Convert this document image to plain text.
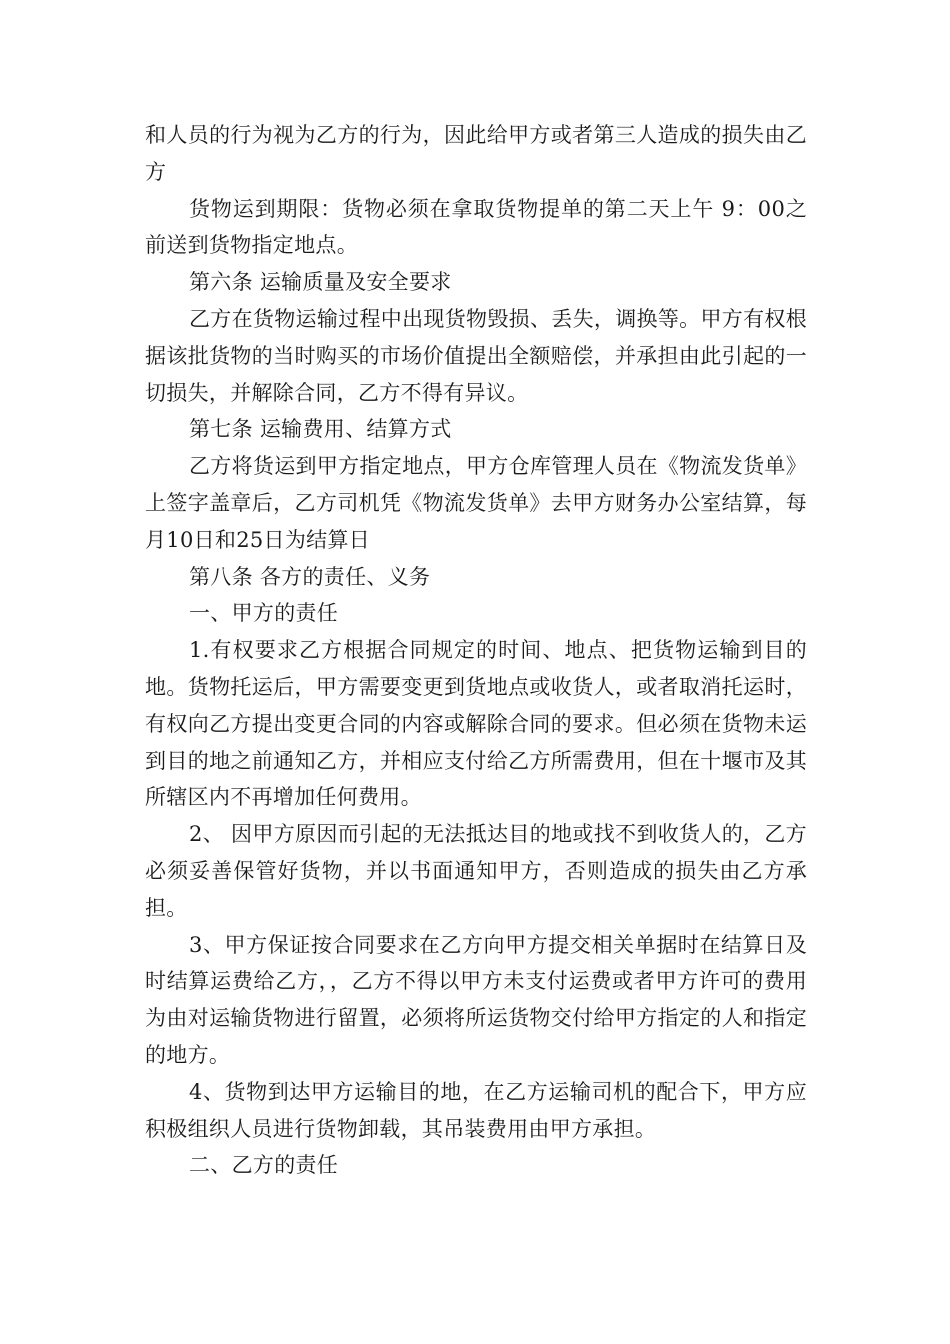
和人员的行为视为乙方的行为，因此给甲方或者第三人造成的损失由乙方

货物运到期限：货物必须在拿取货物提单的第二天上午 9：00之前送到货物指定地点。

第六条 运输质量及安全要求

乙方在货物运输过程中出现货物毁损、丢失，调换等。甲方有权根据该批货物的当时购买的市场价值提出全额赔偿，并承担由此引起的一切损失，并解除合同，乙方不得有异议。

第七条 运输费用、结算方式

乙方将货运到甲方指定地点，甲方仓库管理人员在《物流发货单》上签字盖章后，乙方司机凭《物流发货单》去甲方财务办公室结算，每月10日和25日为结算日

第八条 各方的责任、义务

一、甲方的责任

1.有权要求乙方根据合同规定的时间、地点、把货物运输到目的地。货物托运后，甲方需要变更到货地点或收货人，或者取消托运时，有权向乙方提出变更合同的内容或解除合同的要求。但必须在货物未运到目的地之前通知乙方，并相应支付给乙方所需费用，但在十堰市及其所辖区内不再增加任何费用。

2、 因甲方原因而引起的无法抵达目的地或找不到收货人的，乙方必须妥善保管好货物，并以书面通知甲方，否则造成的损失由乙方承担。

3、甲方保证按合同要求在乙方向甲方提交相关单据时在结算日及时结算运费给乙方，，乙方不得以甲方未支付运费或者甲方许可的费用为由对运输货物进行留置，必须将所运货物交付给甲方指定的人和指定的地方。

4、货物到达甲方运输目的地，在乙方运输司机的配合下，甲方应积极组织人员进行货物卸载，其吊装费用由甲方承担。

二、乙方的责任
